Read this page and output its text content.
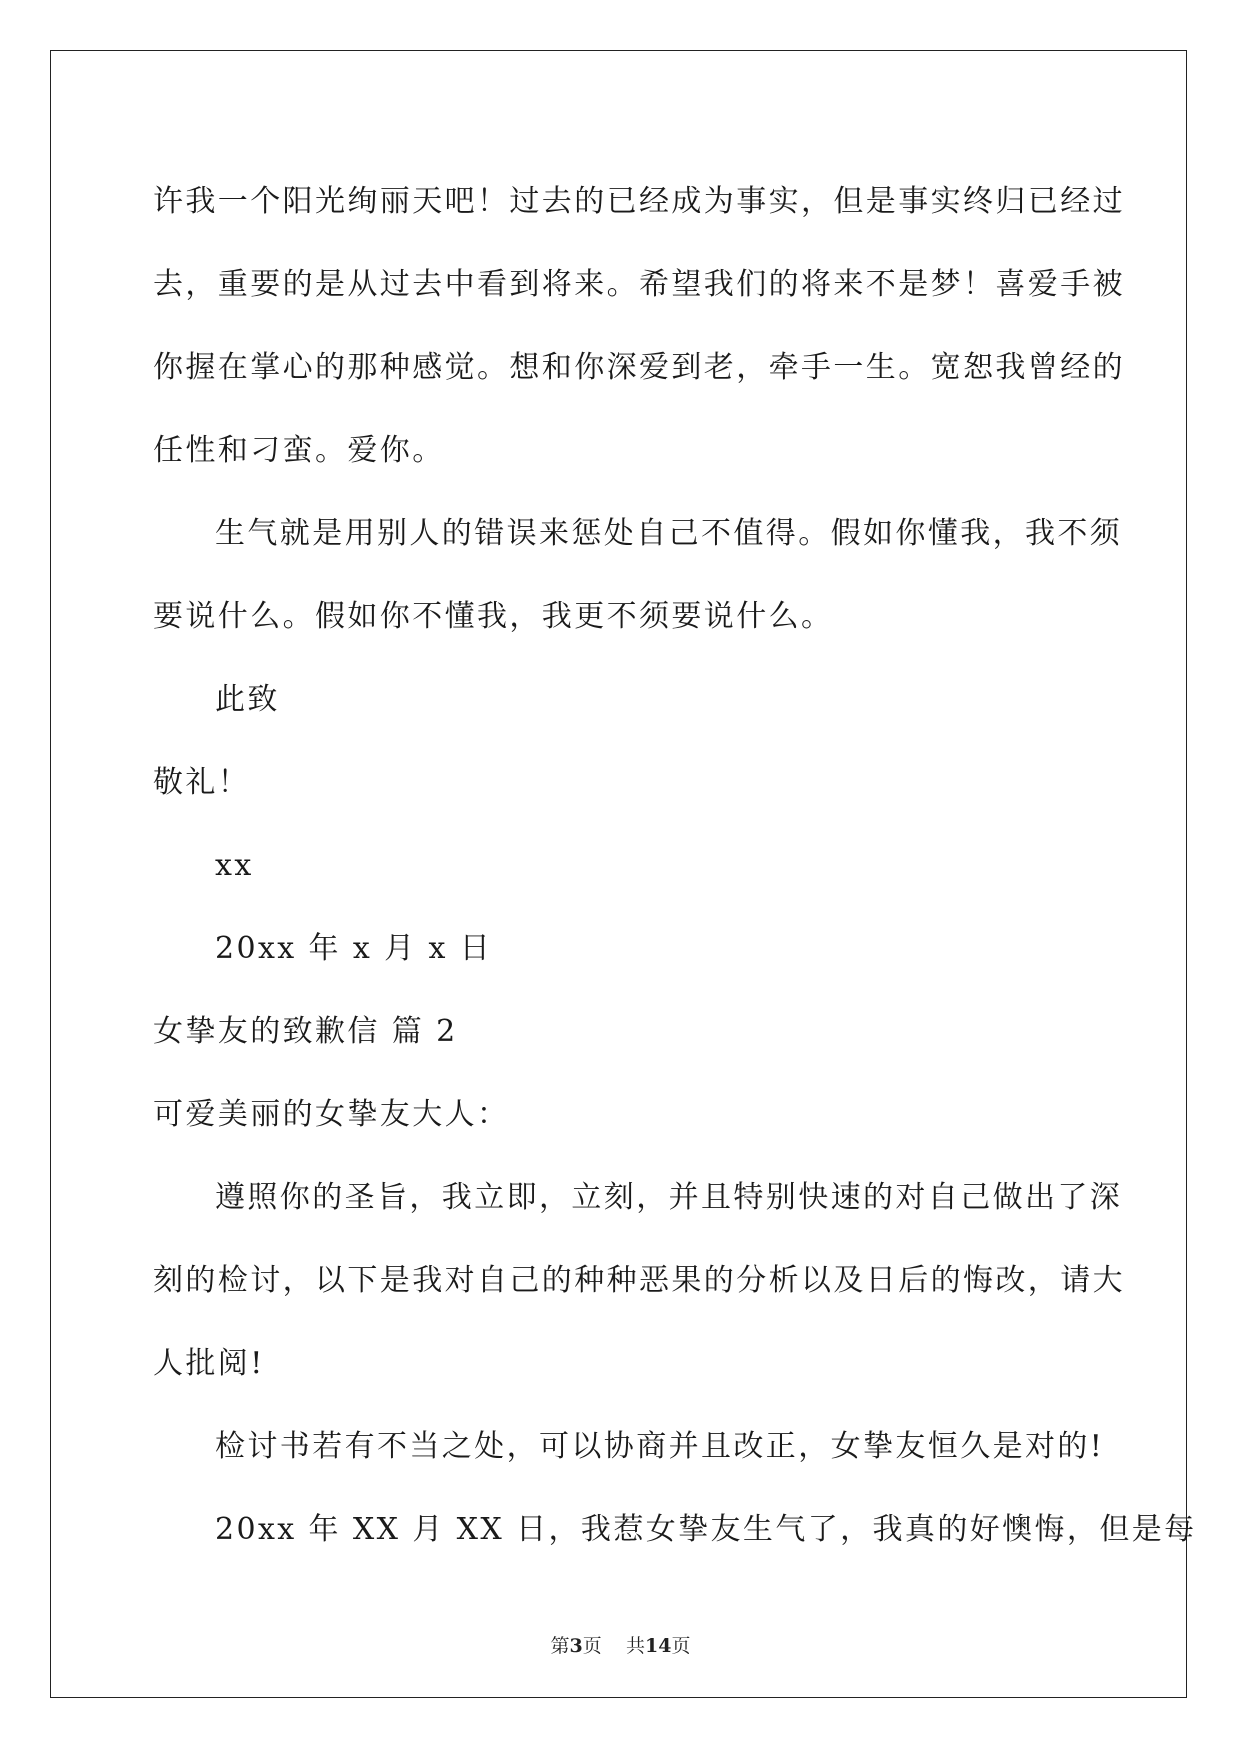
许我一个阳光绚丽天吧！过去的已经成为事实，但是事实终归已经过
去，重要的是从过去中看到将来。希望我们的将来不是梦！喜爱手被
你握在掌心的那种感觉。想和你深爱到老，牵手一生。宽恕我曾经的
任性和刁蛮。爱你。
生气就是用别人的错误来惩处自己不值得。假如你懂我，我不须
要说什么。假如你不懂我，我更不须要说什么。
此致
敬礼！
xx
20xx 年 x 月 x 日
女挚友的致歉信 篇 2
可爱美丽的女挚友大人：
遵照你的圣旨，我立即，立刻，并且特别快速的对自己做出了深
刻的检讨，以下是我对自己的种种恶果的分析以及日后的悔改，请大
人批阅!
检讨书若有不当之处，可以协商并且改正，女挚友恒久是对的!
20xx 年 XX 月 XX 日，我惹女挚友生气了，我真的好懊悔，但是每
第3页 共14页
